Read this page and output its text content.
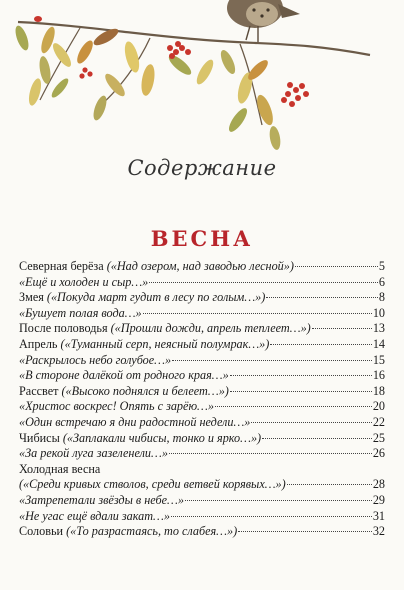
Содержание
ВЕСНА
Северная берёза («Над озером, над заводью лесной»)	5
«Ещё и холоден и сыр…»	6
Змея («Покуда март гудит в лесу по голым…»)	8
«Бушует полая вода…»	10
После половодья («Прошли дожди, апрель теплеет…»)	13
Апрель («Туманный серп, неясный полумрак…»)	14
«Раскрылось небо голубое…»	15
«В стороне далёкой от родного края…»	16
Рассвет («Высоко поднялся и белеет…»)	18
«Христос воскрес! Опять с зарёю…»	20
«Один встречаю я дни радостной недели…»	22
Чибисы («Заплакали чибисы, тонко и ярко…»)	25
«За рекой луга зазеленели…»	26
Холодная весна
(«Среди кривых стволов, среди ветвей корявых…»)	28
«Затрепетали звёзды в небе…»	29
«Не угас ещё вдали закат…»	31
Соловьи («То разрастаясь, то слабея…»)	32
